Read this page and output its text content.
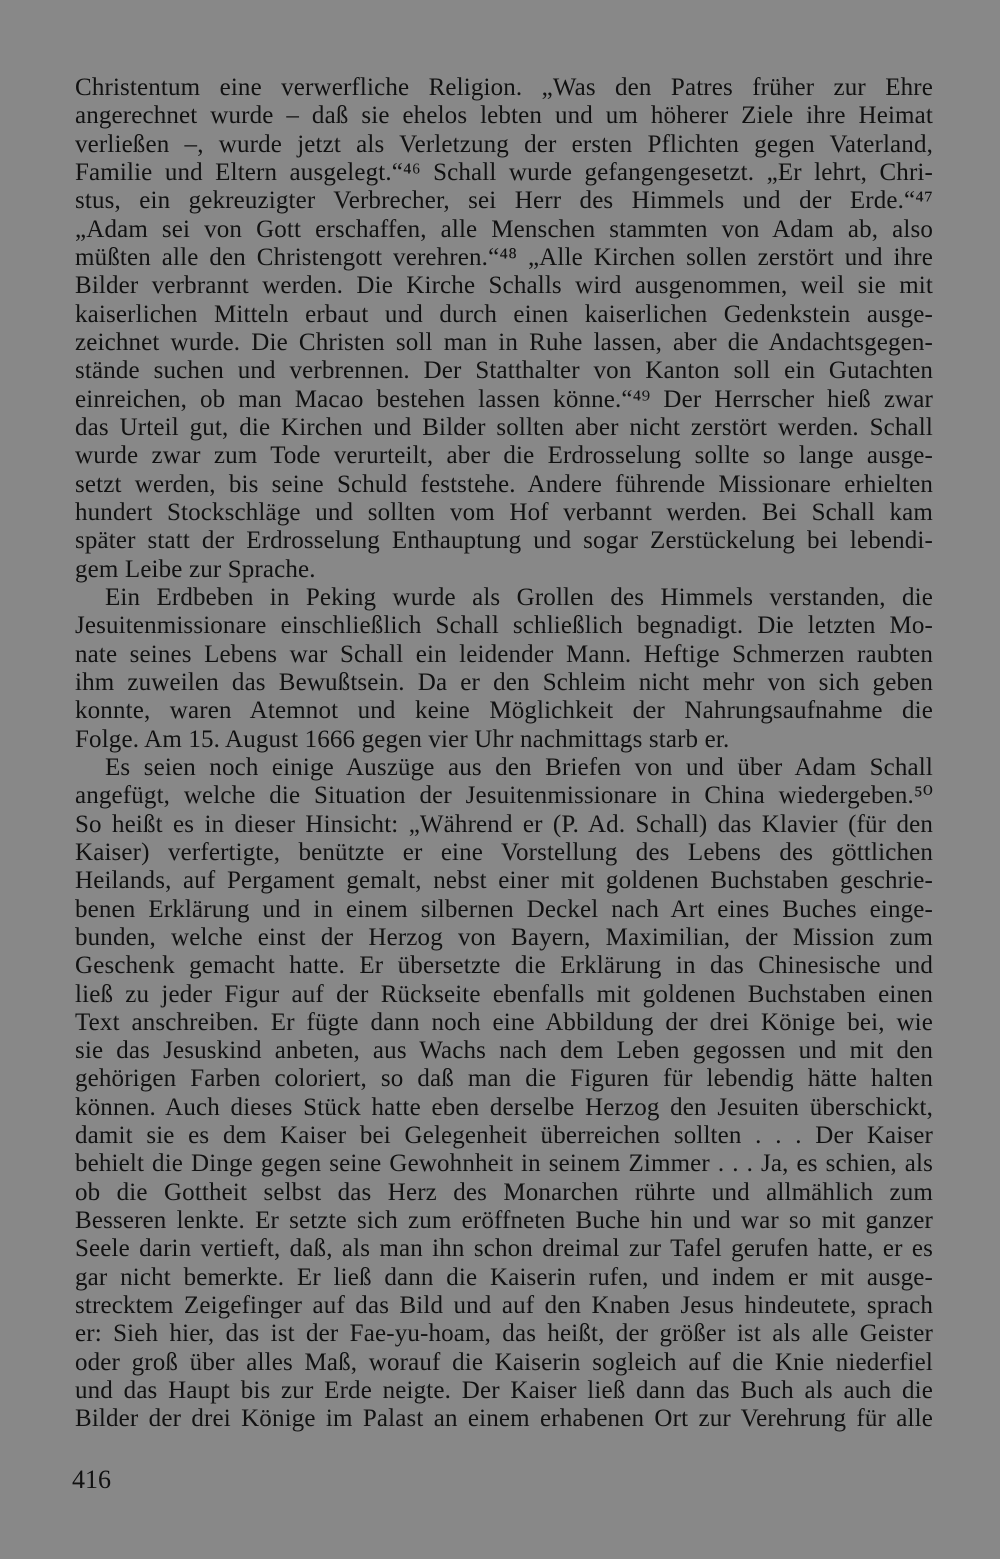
Christentum eine verwerfliche Religion. „Was den Patres früher zur Ehre
angerechnet wurde – daß sie ehelos lebten und um höherer Ziele ihre Heimat
verließen –, wurde jetzt als Verletzung der ersten Pflichten gegen Vaterland,
Familie und Eltern ausgelegt.“⁴⁶ Schall wurde gefangengesetzt. „Er lehrt, Chri-
stus, ein gekreuzigter Verbrecher, sei Herr des Himmels und der Erde.“⁴⁷
„Adam sei von Gott erschaffen, alle Menschen stammten von Adam ab, also
müßten alle den Christengott verehren.“⁴⁸ „Alle Kirchen sollen zerstört und ihre
Bilder verbrannt werden. Die Kirche Schalls wird ausgenommen, weil sie mit
kaiserlichen Mitteln erbaut und durch einen kaiserlichen Gedenkstein ausge-
zeichnet wurde. Die Christen soll man in Ruhe lassen, aber die Andachtsgegen-
stände suchen und verbrennen. Der Statthalter von Kanton soll ein Gutachten
einreichen, ob man Macao bestehen lassen könne.“⁴⁹ Der Herrscher hieß zwar
das Urteil gut, die Kirchen und Bilder sollten aber nicht zerstört werden. Schall
wurde zwar zum Tode verurteilt, aber die Erdrosselung sollte so lange ausge-
setzt werden, bis seine Schuld feststehe. Andere führende Missionare erhielten
hundert Stockschläge und sollten vom Hof verbannt werden. Bei Schall kam
später statt der Erdrosselung Enthauptung und sogar Zerstückelung bei lebendi-
gem Leibe zur Sprache.
Ein Erdbeben in Peking wurde als Grollen des Himmels verstanden, die
Jesuitenmissionare einschließlich Schall schließlich begnadigt. Die letzten Mo-
nate seines Lebens war Schall ein leidender Mann. Heftige Schmerzen raubten
ihm zuweilen das Bewußtsein. Da er den Schleim nicht mehr von sich geben
konnte, waren Atemnot und keine Möglichkeit der Nahrungsaufnahme die
Folge. Am 15. August 1666 gegen vier Uhr nachmittags starb er.
Es seien noch einige Auszüge aus den Briefen von und über Adam Schall
angefügt, welche die Situation der Jesuitenmissionare in China wiedergeben.⁵⁰
So heißt es in dieser Hinsicht: „Während er (P. Ad. Schall) das Klavier (für den
Kaiser) verfertigte, benützte er eine Vorstellung des Lebens des göttlichen
Heilands, auf Pergament gemalt, nebst einer mit goldenen Buchstaben geschrie-
benen Erklärung und in einem silbernen Deckel nach Art eines Buches einge-
bunden, welche einst der Herzog von Bayern, Maximilian, der Mission zum
Geschenk gemacht hatte. Er übersetzte die Erklärung in das Chinesische und
ließ zu jeder Figur auf der Rückseite ebenfalls mit goldenen Buchstaben einen
Text anschreiben. Er fügte dann noch eine Abbildung der drei Könige bei, wie
sie das Jesuskind anbeten, aus Wachs nach dem Leben gegossen und mit den
gehörigen Farben coloriert, so daß man die Figuren für lebendig hätte halten
können. Auch dieses Stück hatte eben derselbe Herzog den Jesuiten überschickt,
damit sie es dem Kaiser bei Gelegenheit überreichen sollten . . . Der Kaiser
behielt die Dinge gegen seine Gewohnheit in seinem Zimmer . . . Ja, es schien, als
ob die Gottheit selbst das Herz des Monarchen rührte und allmählich zum
Besseren lenkte. Er setzte sich zum eröffneten Buche hin und war so mit ganzer
Seele darin vertieft, daß, als man ihn schon dreimal zur Tafel gerufen hatte, er es
gar nicht bemerkte. Er ließ dann die Kaiserin rufen, und indem er mit ausge-
strecktem Zeigefinger auf das Bild und auf den Knaben Jesus hindeutete, sprach
er: Sieh hier, das ist der Fae-yu-hoam, das heißt, der größer ist als alle Geister
oder groß über alles Maß, worauf die Kaiserin sogleich auf die Knie niederfiel
und das Haupt bis zur Erde neigte. Der Kaiser ließ dann das Buch als auch die
Bilder der drei Könige im Palast an einem erhabenen Ort zur Verehrung für alle
416
